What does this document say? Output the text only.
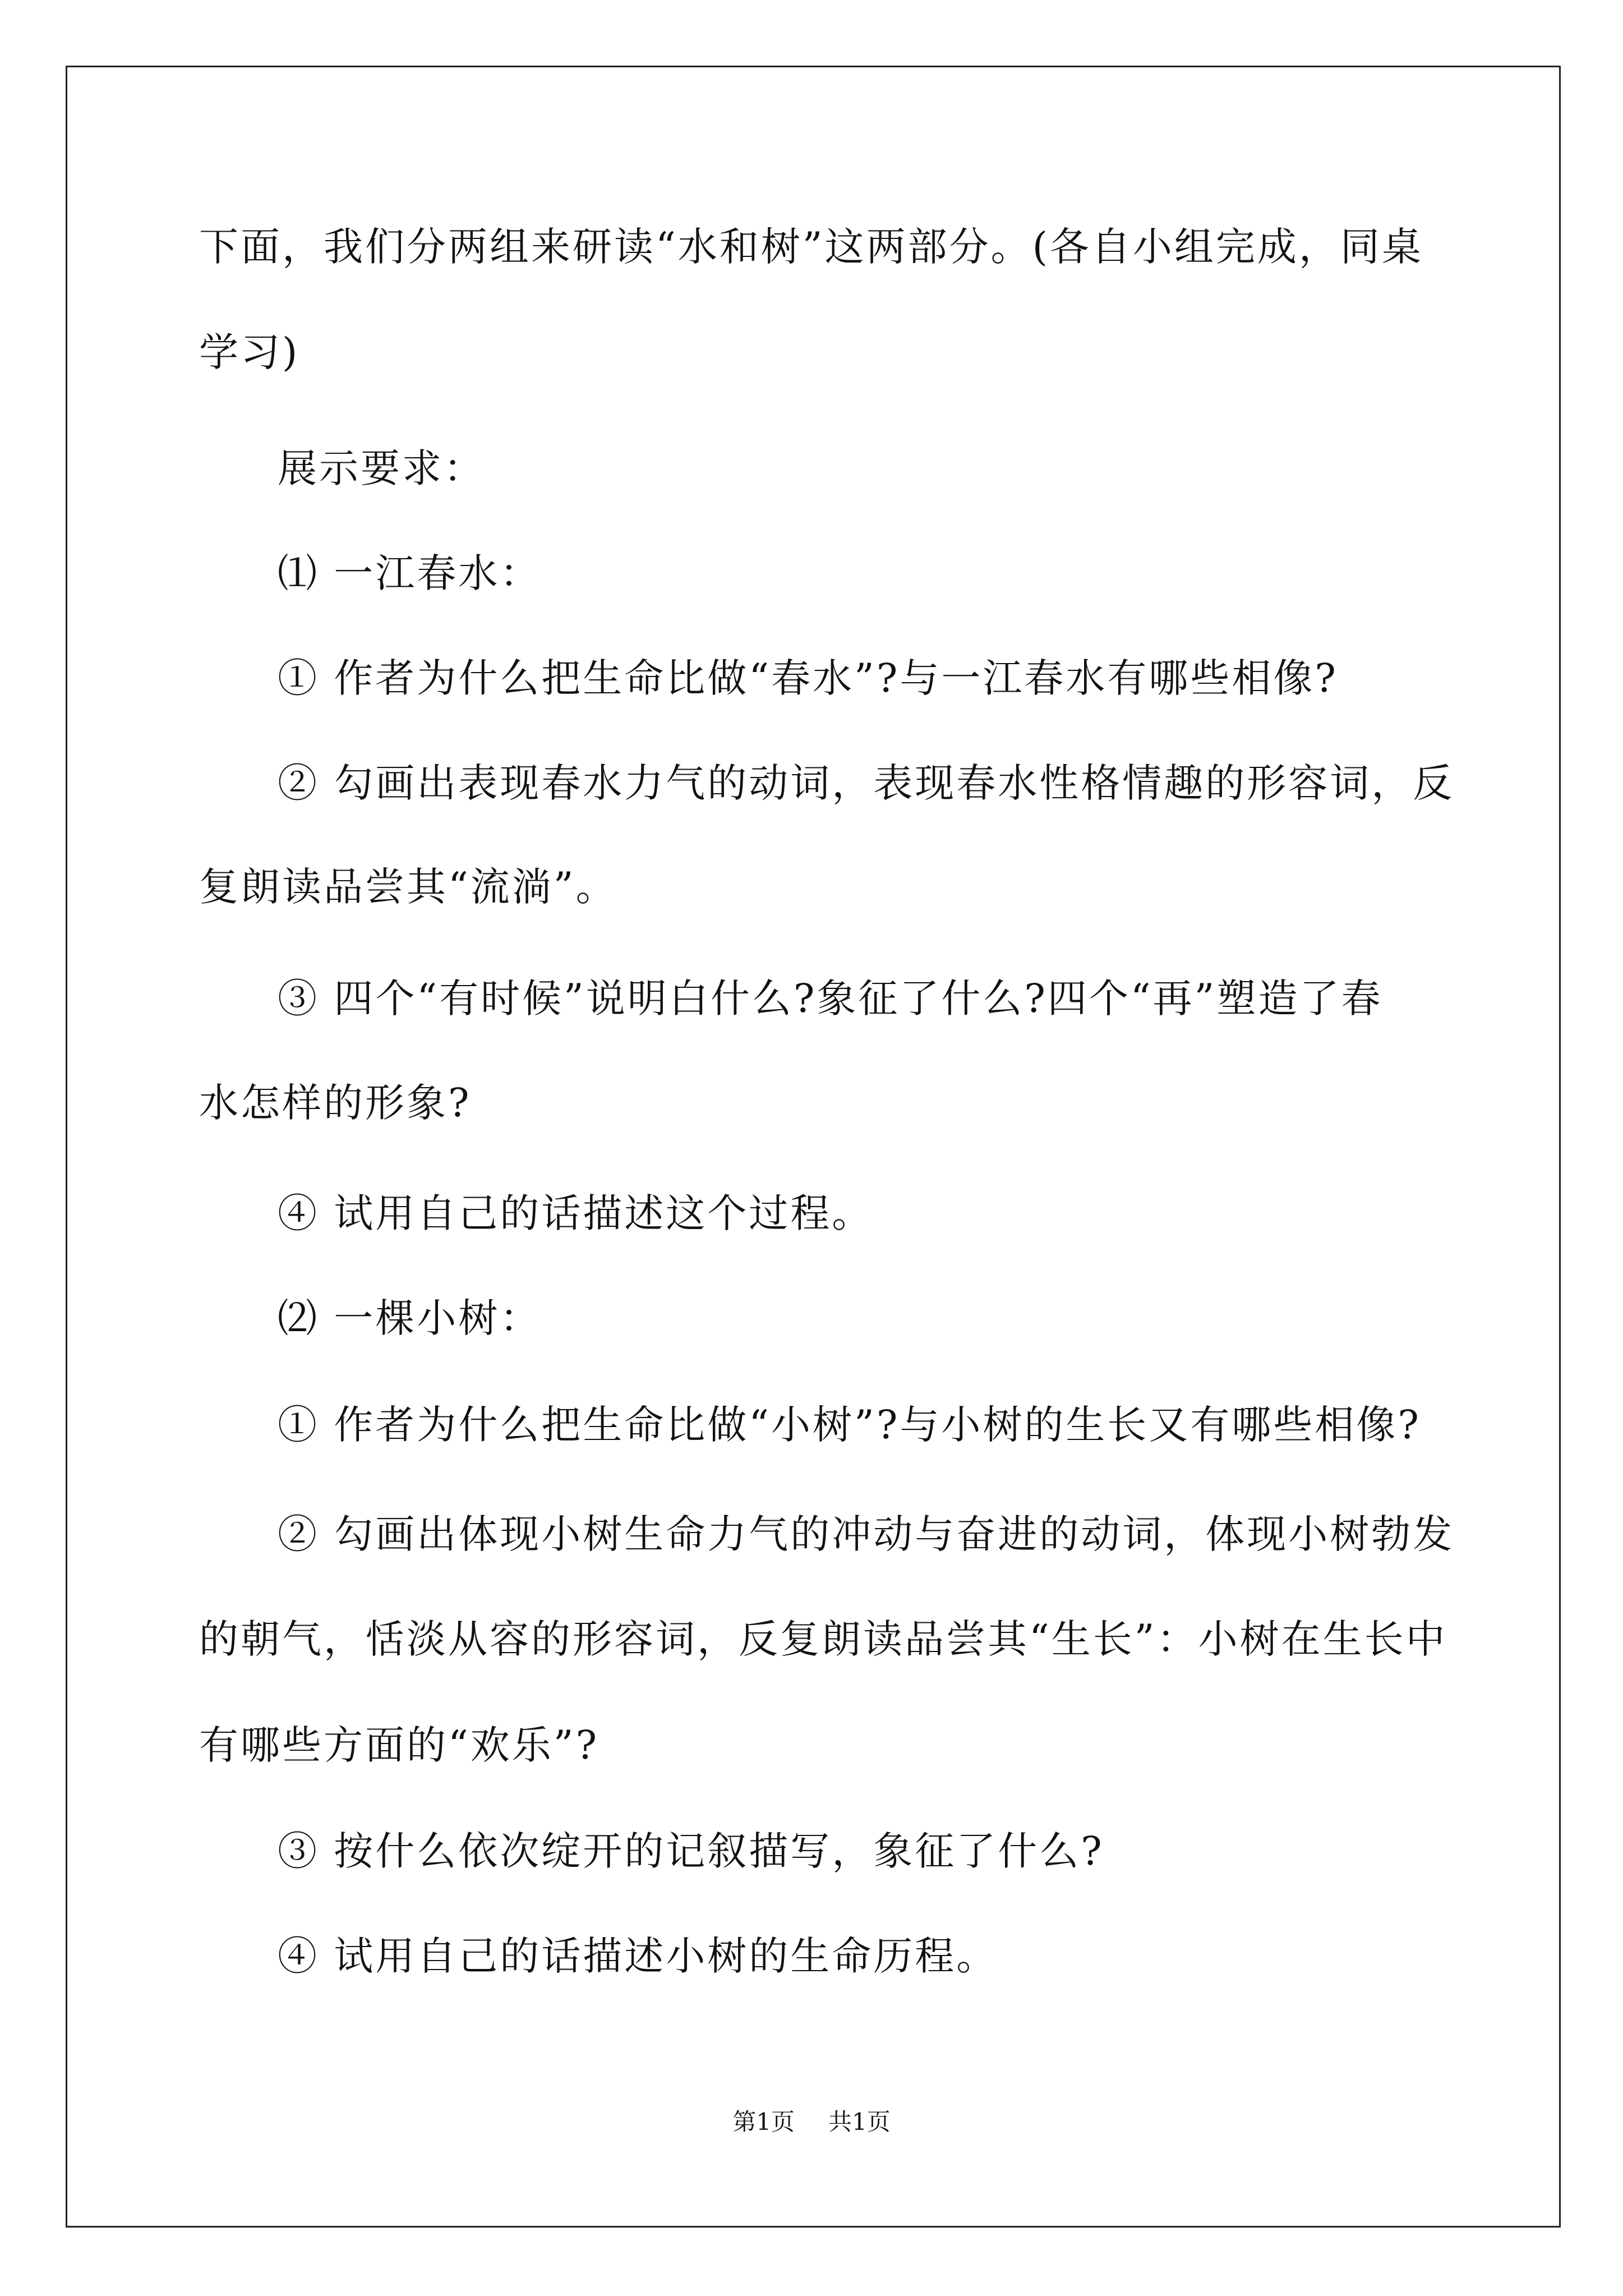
下面，我们分两组来研读“水和树”这两部分。(各自小组完成，同桌
学习)
展示要求：
⑴ 一江春水：
① 作者为什么把生命比做“春水”?与一江春水有哪些相像?
② 勾画出表现春水力气的动词，表现春水性格情趣的形容词，反
复朗读品尝其“流淌”。
③ 四个“有时候”说明白什么?象征了什么?四个“再”塑造了春
水怎样的形象?
④ 试用自己的话描述这个过程。
⑵ 一棵小树：
① 作者为什么把生命比做“小树”?与小树的生长又有哪些相像?
② 勾画出体现小树生命力气的冲动与奋进的动词，体现小树勃发
的朝气，恬淡从容的形容词，反复朗读品尝其“生长”：小树在生长中
有哪些方面的“欢乐”?
③ 按什么依次绽开的记叙描写，象征了什么?
④ 试用自己的话描述小树的生命历程。
第1页 共1页
